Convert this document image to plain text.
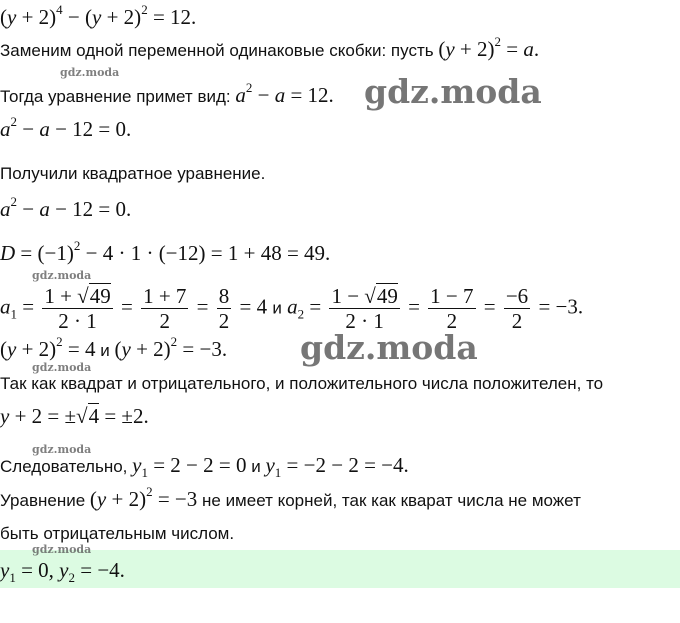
$(y + 2)^4 - (y + 2)^2 = 12$.
Заменим одной переменной одинаковые скобки: пусть $(y + 2)^2 = a$.
gdz.moda
Тогда уравнение примет вид: $a^2 - a = 12$. gdz.moda
$a^2 - a - 12 = 0$.
Получили квадратное уравнение.
$a^2 - a - 12 = 0$.
$D = (-1)^2 - 4 \cdot 1 \cdot (-12) = 1 + 48 = 49$.
gdz.moda
$a_1 = \frac{1 + √49}{2 \cdot 1} = \frac{1 + 7}{2} = \frac{8}{2} = 4$ и $a_2 = \frac{1 - √49}{2 \cdot 1} = \frac{1 - 7}{2} = \frac{-6}{2} = -3$.
$(y + 2)^2 = 4$ и $(y + 2)^2 = -3$. gdz.moda
gdz.moda
Так как квадрат и отрицательного, и положительного числа положителен, то
y + 2 = ±√4 = ±2.
gdz.moda
Следовательно, $y_1 = 2 - 2 = 0$ и $y_1 = -2 - 2 = -4$.
Уравнение $(y + 2)^2 = -3$ не имеет корней, так как кварат числа не может
быть отрицательным числом.
gdz.moda
$y_1 = 0$, $y_2 = -4$.
